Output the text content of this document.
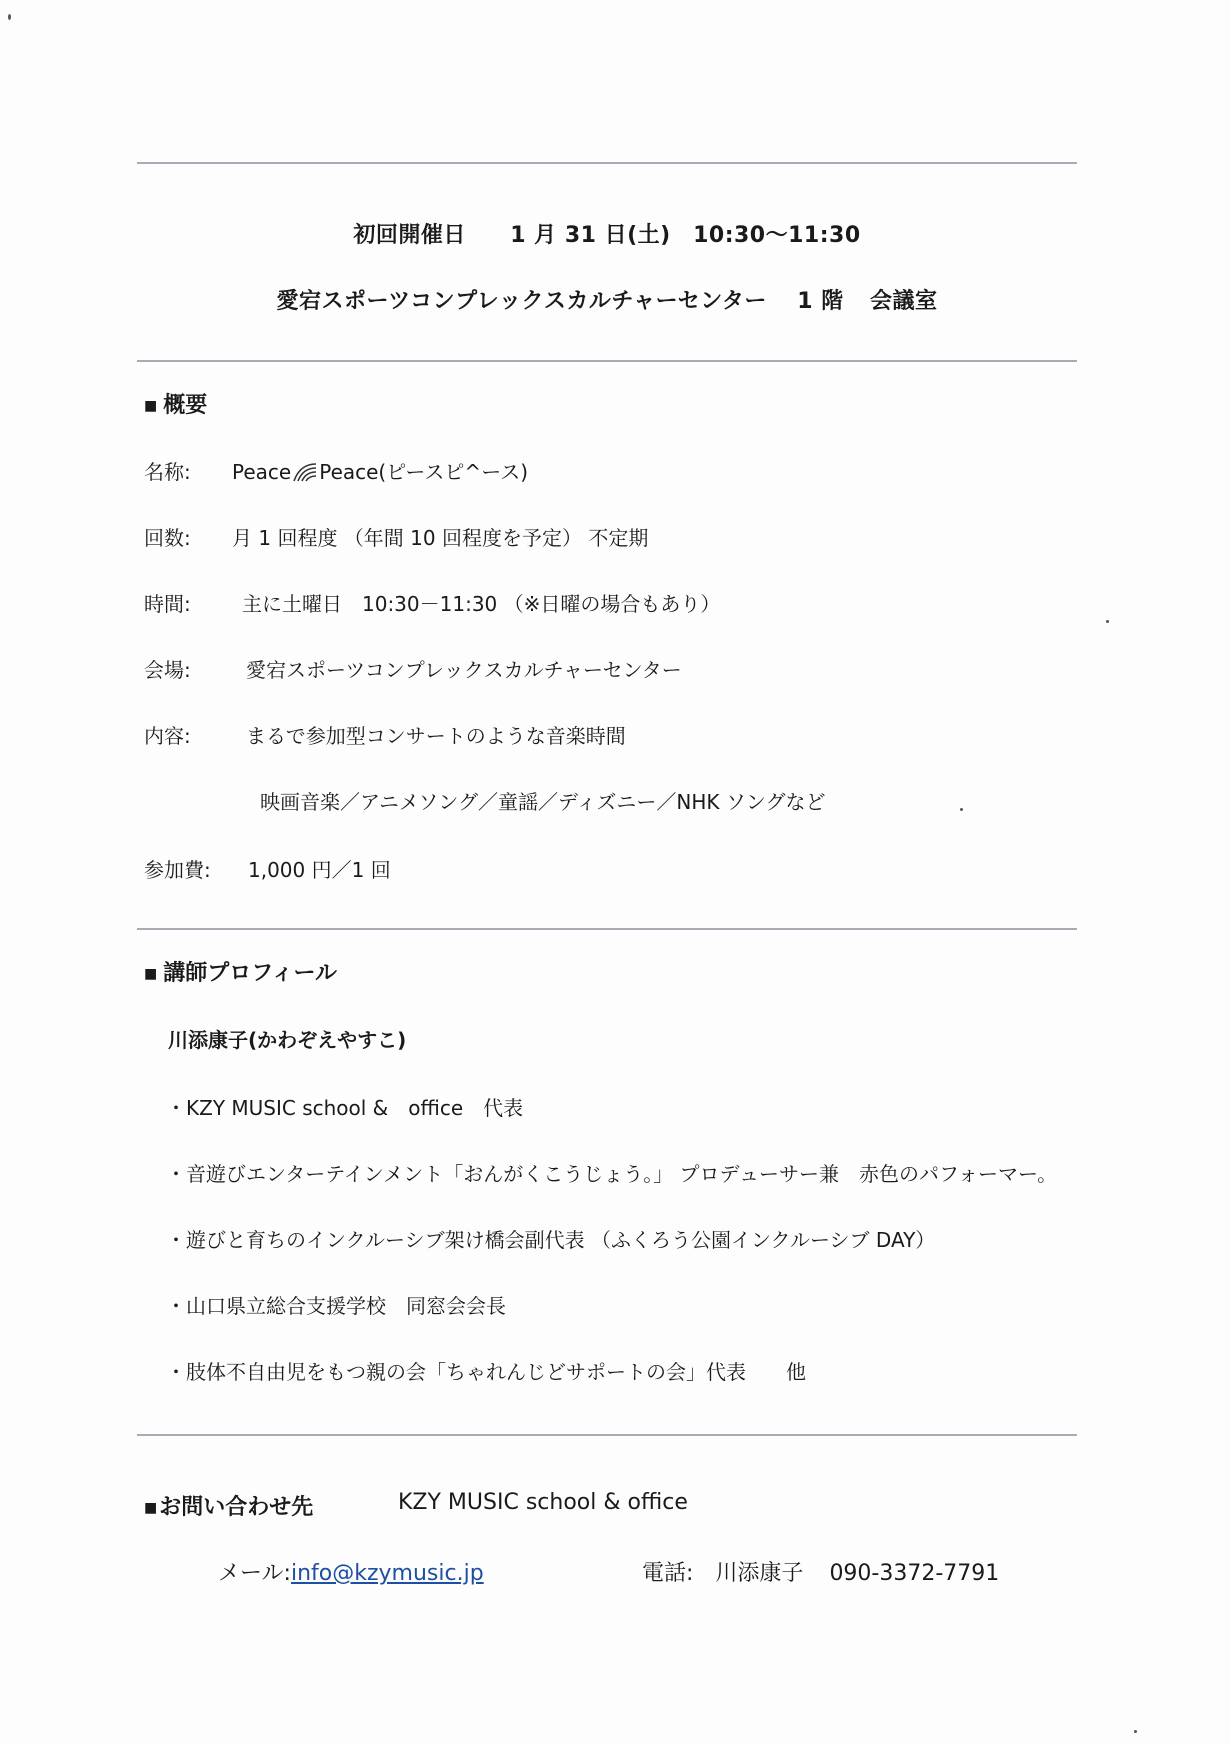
初回開催日 1 月 31 日(土) 10:30～11:30
愛宕スポーツコンプレックスカルチャーセンター 1 階 会議室
■ 概要
名称: Peace Peace(ピースピ^ース)
回数: 月 1 回程度 （年間 10 回程度を予定） 不定期
時間:	主に土曜日　10:30－11:30 （※日曜の場合もあり）
会場:	愛宕スポーツコンプレックスカルチャーセンター
内容:	まるで参加型コンサートのような音楽時間
映画音楽／アニメソング／童謡／ディズニー／NHK ソングなど
参加費: 1,000 円／1 回
■ 講師プロフィール
川添康子(かわぞえやすこ)
・KZY MUSIC school &　office　代表
・音遊びエンターテインメント「おんがくこうじょう。」 プロデューサー兼　赤色のパフォーマー。
・遊びと育ちのインクルーシブ架け橋会副代表 （ふくろう公園インクルーシブ DAY）
・山口県立総合支援学校　同窓会会長
・肢体不自由児をもつ親の会「ちゃれんじどサポートの会」代表　　他
■お問い合わせ先	KZY MUSIC school & office
メール:info@kzymusic.jp	電話: 川添康子 090-3372-7791
